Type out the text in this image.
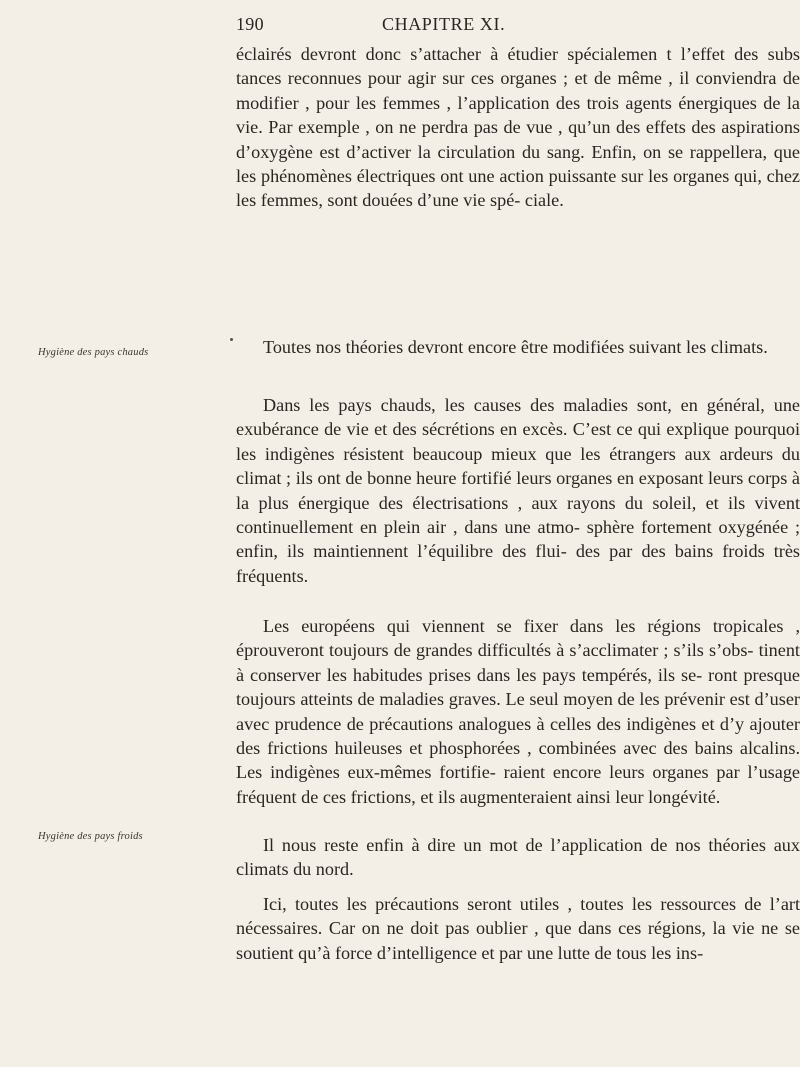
190	CHAPITRE XI.
Hygiène des pays chauds
Hygiène des pays froids

éclairés devront donc s’attacher à étudier spécialemen t l’effet des subs tances reconnues pour agir sur ces organes ; et de même , il conviendra de modifier , pour les femmes , l’application des trois agents énergiques de la vie. Par exemple , on ne perdra pas de vue , qu’un des effets des aspirations d’oxygène est d’activer la circulation du sang. Enfin, on se rappellera, que les phénomènes électriques ont une action puissante sur les organes qui, chez les femmes, sont douées d’une vie spé- ciale.

Toutes nos théories devront encore être modifiées suivant les climats.

Dans les pays chauds, les causes des maladies sont, en général, une exubérance de vie et des sécrétions en excès. C’est ce qui explique pourquoi les indigènes résistent beaucoup mieux que les étrangers aux ardeurs du climat ; ils ont de bonne heure fortifié leurs organes en exposant leurs corps à la plus énergique des électrisations , aux rayons du soleil, et ils vivent continuellement en plein air , dans une atmo- sphère fortement oxygénée ; enfin, ils maintiennent l’équilibre des flui- des par des bains froids très fréquents.

Les européens qui viennent se fixer dans les régions tropicales , éprouveront toujours de grandes difficultés à s’acclimater ; s’ils s’obs- tinent à conserver les habitudes prises dans les pays tempérés, ils se- ront presque toujours atteints de maladies graves. Le seul moyen de les prévenir est d’user avec prudence de précautions analogues à celles des indigènes et d’y ajouter des frictions huileuses et phosphorées , combinées avec des bains alcalins. Les indigènes eux-mêmes fortifie- raient encore leurs organes par l’usage fréquent de ces frictions, et ils augmenteraient ainsi leur longévité.

Il nous reste enfin à dire un mot de l’application de nos théories aux climats du nord.

Ici, toutes les précautions seront utiles , toutes les ressources de l’art nécessaires. Car on ne doit pas oublier , que dans ces régions, la vie ne se soutient qu’à force d’intelligence et par une lutte de tous les ins-
